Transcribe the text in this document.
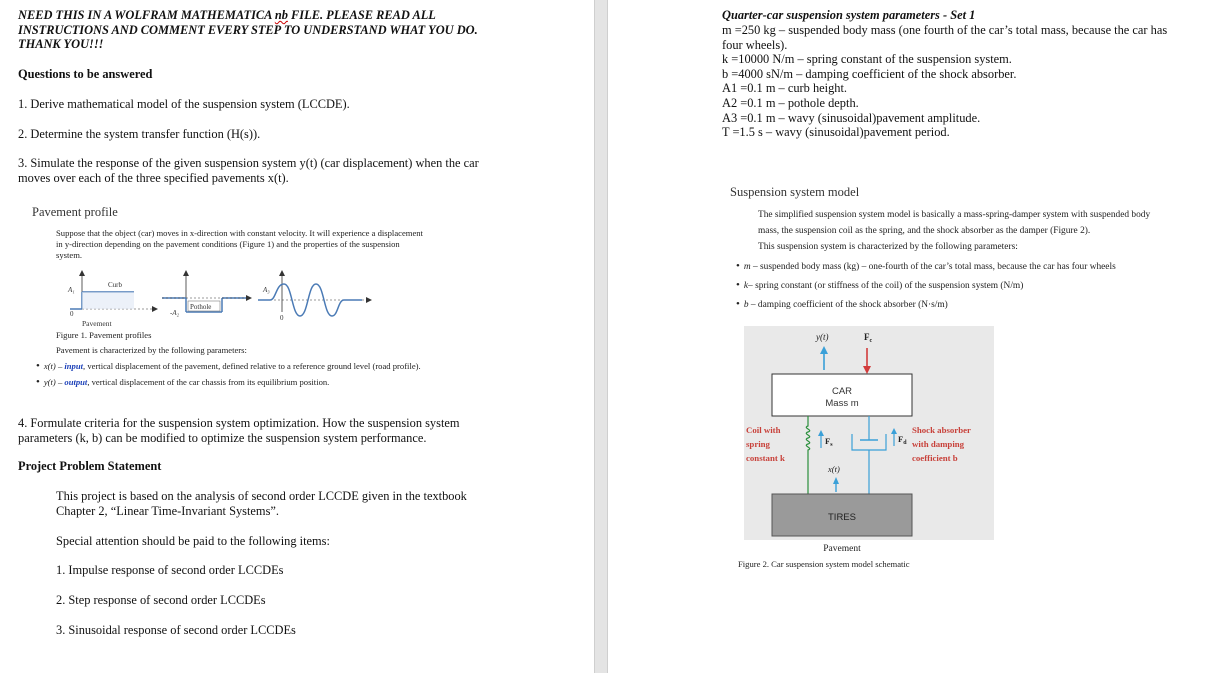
NEED THIS IN A WOLFRAM MATHEMATICA nb FILE. PLEASE READ ALL
INSTRUCTIONS AND COMMENT EVERY STEP TO UNDERSTAND WHAT YOU DO.
THANK YOU!!!
Questions to be answered
1. Derive mathematical model of the suspension system (LCCDE).
2. Determine the system transfer function (H(s)).
3. Simulate the response of the given suspension system y(t) (car displacement) when the car
moves over each of the three specified pavements x(t).
Pavement profile
Suppose that the object (car) moves in x-direction with constant velocity. It will experience a displacement
in y-direction depending on the pavement conditions (Figure 1) and the properties of the suspension
system.
Curb
A₁
0
Pothole
-A₂
A₃
0
Pavement
Figure 1. Pavement profiles
Pavement is characterized by the following parameters:
• x(t) – input, vertical displacement of the pavement, defined relative to a reference ground level (road profile).
• y(t) – output, vertical displacement of the car chassis from its equilibrium position.
4. Formulate criteria for the suspension system optimization. How the suspension system
parameters (k, b) can be modified to optimize the suspension system performance.
Project Problem Statement
This project is based on the analysis of second order LCCDE given in the textbook
Chapter 2, “Linear Time-Invariant Systems”.
Special attention should be paid to the following items:
1. Impulse response of second order LCCDEs
2. Step response of second order LCCDEs
3. Sinusoidal response of second order LCCDEs
Quarter-car suspension system parameters - Set 1
m =250 kg – suspended body mass (one fourth of the car’s total mass, because the car has
four wheels).
k =10000 N/m – spring constant of the suspension system.
b =4000 sN/m – damping coefficient of the shock absorber.
A1 =0.1 m – curb height.
A2 =0.1 m – pothole depth.
A3 =0.1 m – wavy (sinusoidal)pavement amplitude.
T =1.5 s – wavy (sinusoidal)pavement period.
Suspension system model
The simplified suspension system model is basically a mass-spring-damper system with suspended body
mass, the suspension coil as the spring, and the shock absorber as the damper (Figure 2).
This suspension system is characterized by the following parameters:
• m – suspended body mass (kg) – one-fourth of the car’s total mass, because the car has four wheels
• k– spring constant (or stiffness of the coil) of the suspension system (N/m)
• b – damping coefficient of the shock absorber (N·s/m)
y(t)	$F_c$
CAR
Mass m
$F_s$
$F_d$
Coil with
spring
constant k
Shock absorber
with damping
coefficient b
x(t)
TIRES
Pavement
Figure 2. Car suspension system model schematic
